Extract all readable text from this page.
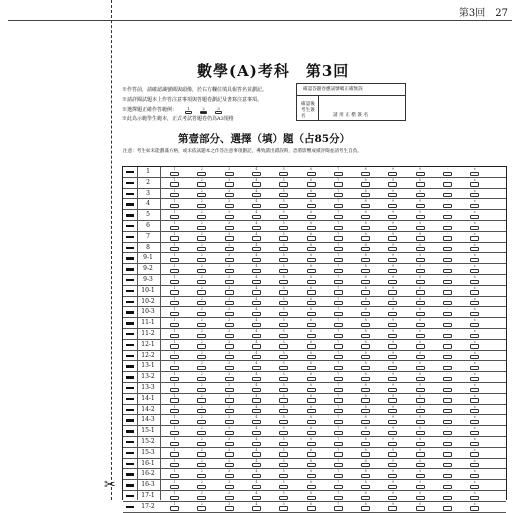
第3回　27
✂
數學(A)考科　第3回
※作答前，請確認識號碼與頭像，於右方欄位填具報答名並劃記。
※請詳閱試題本上作答注意事項與答題卷劃記及書寫注意事項。
※選擇題正確作答範例：	1	2	3
※此為示範學生範本，正式考試答題卷仍為A3規格
確認答題卷應試號碼正確無誤
確認後考生簽名	請用正楷簽名
第壹部分、選擇（填）題（占85分）
注意：考生如未能劃滿方格，或未依試題本之作答注意事項劃記，導致讀出錯誤時，恐將影響成績評閱並請考生自負。
1	1	2	3	4	5	6	7	8	9	0	-	±
2	1	2	3	4	5	6	7	8	9	0	-	±
3	1	2	3	4	5	6	7	8	9	0	-	±
4	1	2	3	4	5	6	7	8	9	0	-	±
5	1	2	3	4	5	6	7	8	9	0	-	±
6	1	2	3	4	5	6	7	8	9	0	-	±
7	1	2	3	4	5	6	7	8	9	0	-	±
8	1	2	3	4	5	6	7	8	9	0	-	±
9-1	1	2	3	4	5	6	7	8	9	0	-	±
9-2	1	2	3	4	5	6	7	8	9	0	-	±
9-3	1	2	3	4	5	6	7	8	9	0	-	±
10-1	1	2	3	4	5	6	7	8	9	0	-	±
10-2	1	2	3	4	5	6	7	8	9	0	-	±
10-3	1	2	3	4	5	6	7	8	9	0	-	±
11-1	1	2	3	4	5	6	7	8	9	0	-	±
11-2	1	2	3	4	5	6	7	8	9	0	-	±
12-1	1	2	3	4	5	6	7	8	9	0	-	±
12-2	1	2	3	4	5	6	7	8	9	0	-	±
13-1	1	2	3	4	5	6	7	8	9	0	-	±
13-2	1	2	3	4	5	6	7	8	9	0	-	±
13-3	1	2	3	4	5	6	7	8	9	0	-	±
14-1	1	2	3	4	5	6	7	8	9	0	-	±
14-2	1	2	3	4	5	6	7	8	9	0	-	±
14-3	1	2	3	4	5	6	7	8	9	0	-	±
15-1	1	2	3	4	5	6	7	8	9	0	-	±
15-2	1	2	3	4	5	6	7	8	9	0	-	±
15-3	1	2	3	4	5	6	7	8	9	0	-	±
16-1	1	2	3	4	5	6	7	8	9	0	-	±
16-2	1	2	3	4	5	6	7	8	9	0	-	±
16-3	1	2	3	4	5	6	7	8	9	0	-	±
17-1	1	2	3	4	5	6	7	8	9	0	-	±
17-2	1	2	3	4	5	6	7	8	9	0	-	±
